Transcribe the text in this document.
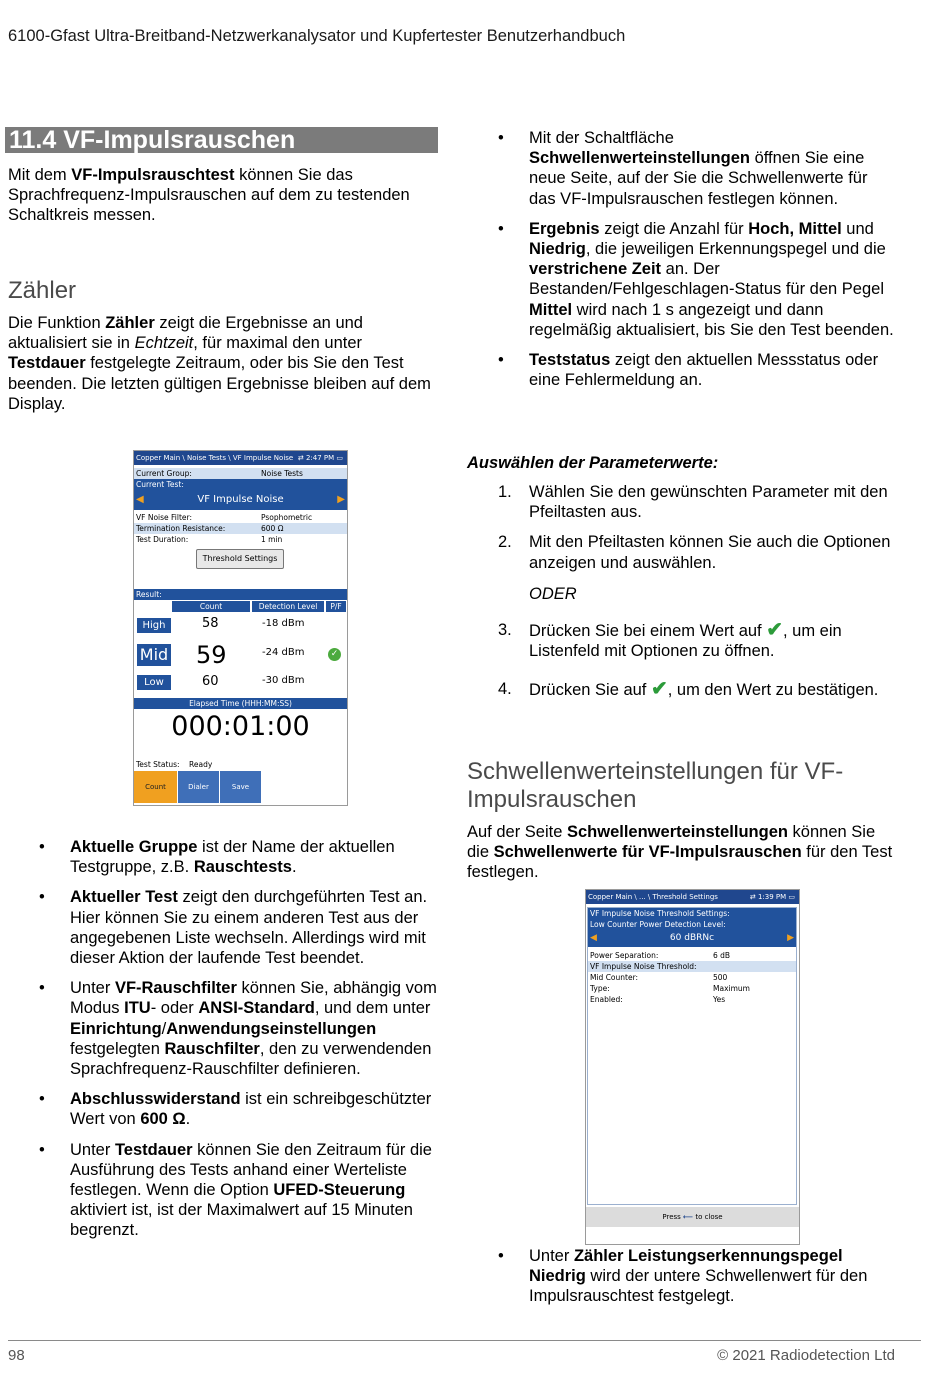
6100-Gfast Ultra-Breitband-Netzwerkanalysator und Kupfertester Benutzerhandbuch
11.4 VF-Impulsrauschen
Mit dem VF-Impulsrauschtest können Sie das Sprachfrequenz-Impulsrauschen auf dem zu testenden Schaltkreis messen.
Zähler
Die Funktion Zähler zeigt die Ergebnisse an und aktualisiert sie in Echtzeit, für maximal den unter Testdauer festgelegte Zeitraum, oder bis Sie den Test beenden. Die letzten gültigen Ergebnisse bleiben auf dem Display.
• Mit der Schaltfläche Schwellenwerteinstellungen öffnen Sie eine neue Seite, auf der Sie die Schwellenwerte für das VF-Impulsrauschen festlegen können.
• Ergebnis zeigt die Anzahl für Hoch, Mittel und Niedrig, die jeweiligen Erkennungspegel und die verstrichene Zeit an. Der Bestanden/Fehlgeschlagen-Status für den Pegel Mittel wird nach 1 s angezeigt und dann regelmäßig aktualisiert, bis Sie den Test beenden.
• Teststatus zeigt den aktuellen Messstatus oder eine Fehlermeldung an.
Copper Main \ Noise Tests \ VF Impulse Noise ⇄ 2:47 PM ▭
Current Group:	Noise Tests
Current Test:
◀	VF Impulse Noise	▶
VF Noise Filter:	Psophometric
Termination Resistance:	600 Ω
Test Duration:	1 min
Threshold Settings
Result:
Count	Detection Level	P/F
High	58	-18 dBm
Mid 59	-24 dBm	✓
Low	60	-30 dBm
Elapsed Time (HHH:MM:SS)
000:01:00
Test Status: Ready
Count	Dialer	Save Result
Auswählen der Parameterwerte:
1. Wählen Sie den gewünschten Parameter mit den Pfeiltasten aus.
2. Mit den Pfeiltasten können Sie auch die Optionen anzeigen und auswählen.
ODER
3. Drücken Sie bei einem Wert auf ✔, um ein Listenfeld mit Optionen zu öffnen.
4. Drücken Sie auf ✔, um den Wert zu bestätigen.
Schwellenwerteinstellungen für VF-Impulsrauschen
Auf der Seite Schwellenwerteinstellungen können Sie die Schwellenwerte für VF-Impulsrauschen für den Test festlegen.
Copper Main \ ... \ Threshold Settings	⇄ 1:39 PM ▭
VF Impulse Noise Threshold Settings:
Low Counter Power Detection Level:
◀	60 dBRNc	▶
Power Separation:	6 dB
VF Impulse Noise Threshold:
Mid Counter:	500
Type:	Maximum
Enabled:	Yes
Press ⟵ to close
• Aktuelle Gruppe ist der Name der aktuellen Testgruppe, z.B. Rauschtests.
• Aktueller Test zeigt den durchgeführten Test an. Hier können Sie zu einem anderen Test aus der angegebenen Liste wechseln. Allerdings wird mit dieser Aktion der laufende Test beendet.
• Unter VF-Rauschfilter können Sie, abhängig vom Modus ITU- oder ANSI-Standard, und dem unter Einrichtung/Anwendungseinstellungen festgelegten Rauschfilter, den zu verwendenden Sprachfrequenz-Rauschfilter definieren.
• Abschlusswiderstand ist ein schreibgeschützter Wert von 600 Ω.
• Unter Testdauer können Sie den Zeitraum für die Ausführung des Tests anhand einer Werteliste festlegen. Wenn die Option UFED-Steuerung aktiviert ist, ist der Maximalwert auf 15 Minuten begrenzt.
• Unter Zähler Leistungserkennungspegel Niedrig wird der untere Schwellenwert für den Impulsrauschtest festgelegt.
98	© 2021 Radiodetection Ltd
